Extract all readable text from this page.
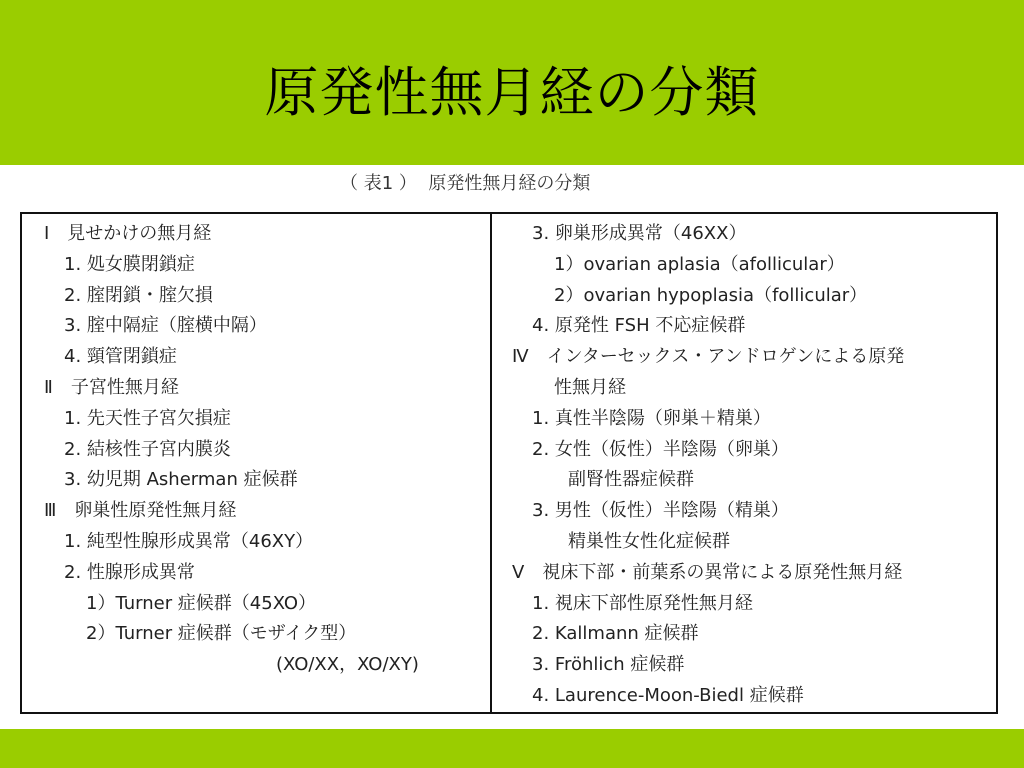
原発性無月経の分類
（ 表1 ）  原発性無月経の分類
Ⅰ　見せかけの無月経
1. 処女膜閉鎖症
2. 腟閉鎖・腟欠損
3. 腟中隔症（腟横中隔）
4. 頸管閉鎖症
Ⅱ　子宮性無月経
1. 先天性子宮欠損症
2. 結核性子宮内膜炎
3. 幼児期 Asherman 症候群
Ⅲ　卵巣性原発性無月経
1. 純型性腺形成異常（46XY）
2. 性腺形成異常
1）Turner 症候群（45XO）
2）Turner 症候群（モザイク型）
(XO/XX，XO/XY)
3. 卵巣形成異常（46XX）
1）ovarian aplasia（afollicular）
2）ovarian hypoplasia（follicular）
4. 原発性 FSH 不応症候群
Ⅳ　インターセックス・アンドロゲンによる原発
性無月経
1. 真性半陰陽（卵巣＋精巣）
2. 女性（仮性）半陰陽（卵巣）
副腎性器症候群
3. 男性（仮性）半陰陽（精巣）
精巣性女性化症候群
Ⅴ　視床下部・前葉系の異常による原発性無月経
1. 視床下部性原発性無月経
2. Kallmann 症候群
3. Fröhlich 症候群
4. Laurence-Moon-Biedl 症候群
